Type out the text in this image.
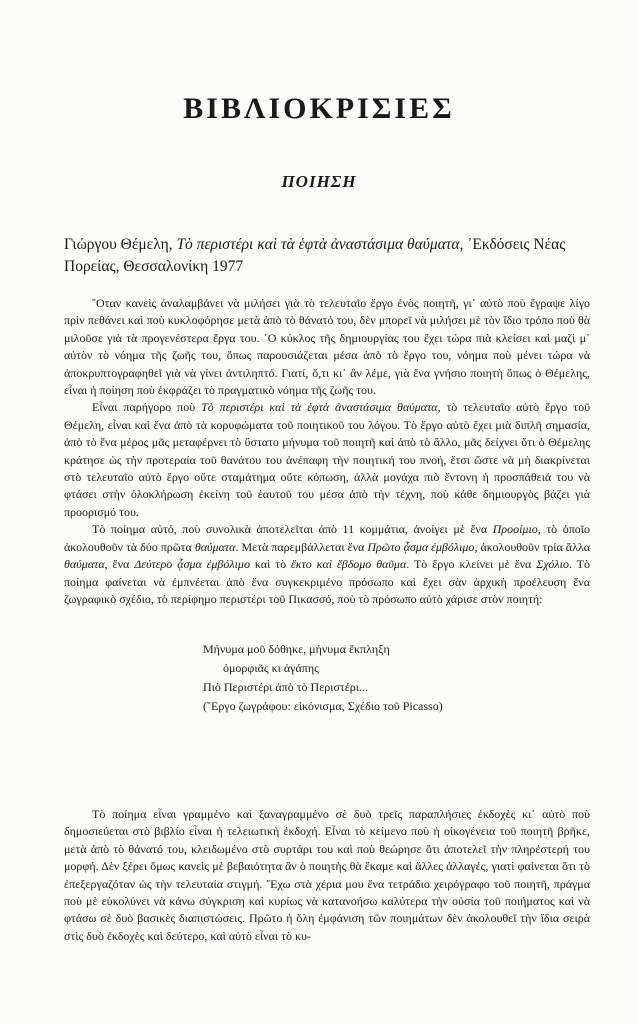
ΒΙΒΛΙΟΚΡΙΣΙΕΣ
ΠΟΙΗΣΗ

Γιώργου Θέμελη, Τὸ περιστέρι καὶ τὰ ἑφτὰ ἀναστάσιμα θαύματα, ᾿Εκδόσεις Νέας Πορείας, Θεσσαλονίκη 1977

῞Οταν κανεὶς ἀναλαμβάνει νὰ μιλήσει γιὰ τὸ τελευταῖο ἔργο ἑνὸς ποιητῆ, γι᾿ αὐτὸ ποὺ ἔγραψε λίγο πρὶν πεθάνει καὶ ποὺ κυκλοφόρησε μετὰ ἀπὸ τὸ θάνατό του, δὲν μπορεῖ νὰ μιλήσει μὲ τὸν ἴδιο τρόπο ποὺ θὰ μιλοῦσε γιὰ τὰ προγενέστερα ἔργα του. ῾Ο κύκλος τῆς δημιουργίας του ἔχει τώρα πιὰ κλείσει καὶ μαζὶ μ᾿ αὐτὸν τὸ νόημα τῆς ζωῆς του, ὅπως παρουσιάζεται μέσα ἀπὸ τὸ ἔργο του, νόημα ποὺ μένει τώρα νὰ ἀποκρυπτογραφηθεῖ γιὰ νὰ γίνει ἀντιληπτό. Γιατί, ὅ,τι κι᾿ ἂν λέμε, γιὰ ἕνα γνήσιο ποιητὴ ὅπως ὁ Θέμελης, εἶναι ἡ ποίηση ποὺ ἐκφράζει τὸ πραγματικὸ νόημα τῆς ζωῆς του.

Εἶναι παρήγορο ποὺ Τὸ περιστέρι καὶ τὰ ἑφτὰ ἀναστάσιμα θαύματα, τὸ τελευταῖο αὐτὸ ἔργο τοῦ Θέμελη, εἶναι καὶ ἕνα ἀπὸ τὰ κορυφώματα τοῦ ποιητικοῦ του λόγου. Τὸ ἔργο αὐτὸ ἔχει μιὰ διπλῆ σημασία, ἀπὸ τὸ ἕνα μέρος μᾶς μεταφέρνει τὸ ὕστατο μήνυμα τοῦ ποιητῆ καὶ ἀπὸ τὸ ἄλλο, μᾶς δείχνει ὅτι ὁ Θέμελης κράτησε ὡς τὴν προτεραία τοῦ θανάτου του ἀνέπαφη τὴν ποιητική του πνοή, ἔτσι ὥστε νὰ μὴ διακρίνεται στὸ τελευταῖο αὐτὸ ἔργο οὔτε σταμάτημα οὔτε κόπωση, ἀλλὰ μονάχα πιὸ ἔντονη ἡ προσπάθειά του νὰ φτάσει στὴν ὁλοκλήρωση ἐκείνη τοῦ ἑαυτοῦ του μέσα ἀπὸ τὴν τέχνη, ποὺ κάθε δημιουργὸς βάζει γιὰ προορισμό του.

Τὸ ποίημα αὐτό, ποὺ συνολικὰ ἀποτελεῖται ἀπὸ 11 κομμάτια, ἀνοίγει μὲ ἕνα Προοίμιο, τὸ ὁποῖο ἀκολουθοῦν τὰ δύο πρῶτα θαύματα. Μετὰ παρεμβάλλεται ἕνα Πρῶτο ᾆσμα ἐμβόλιμο, ἀκολουθοῦν τρία ἄλλα θαύματα, ἕνα Δεύτερο ᾆσμα ἐμβόλιμο καὶ τὸ ἕκτο καὶ ἕβδομο θαῦμα. Τὸ ἔργο κλείνει μὲ ἕνα Σχόλιο. Τὸ ποίημα φαίνεται νὰ ἐμπνέεται ἀπὸ ἕνα συγκεκριμένο πρόσωπο καὶ ἔχει σὰν ἀρχικὴ προέλευση ἕνα ζωγραφικὸ σχέδιο, τὸ περίφημο περιστέρι τοῦ Πικασσό, ποὺ τὸ πρόσωπο αὐτὸ χάρισε στὸν ποιητή:

Μήνυμα μοῦ δόθηκε, μήνυμα ἔκπληξη
ὀμορφιᾶς κι ἀγάπης
Πιὸ Περιστέρι ἀπὸ τὸ Περιστέρι...
(῎Εργο ζωγράφου: εἰκόνισμα, Σχέδιο τοῦ Picasso)

Τὸ ποίημα εἶναι γραμμένο καὶ ξαναγραμμένο σὲ δυὸ τρεῖς παραπλήσιες ἐκδοχὲς κι᾿ αὐτὸ ποὺ δημοσιεύεται στὸ βιβλίο εἶναι ἡ τελειωτικὴ ἐκδοχή. Εἶναι τὸ κείμενο ποὺ ἡ οἰκογένεια τοῦ ποιητῆ βρῆκε, μετὰ ἀπὸ τὸ θάνατό του, κλειδωμένο στὸ συρτάρι του καὶ ποὺ θεώρησε ὅτι ἀποτελεῖ τὴν πληρέστερή του μορφή. Δὲν ξέρει ὅμως κανεὶς μὲ βεβαιότητα ἂν ὁ ποιητὴς θὰ ἔκαμε καὶ ἄλλες ἀλλαγές, γιατὶ φαίνεται ὅτι τὸ ἐπεξεργαζόταν ὡς τὴν τελευταία στιγμή. ῎Εχω στὰ χέρια μου ἕνα τετράδιο χειρόγραφο τοῦ ποιητῆ, πράγμα ποὺ μὲ εὐκολύνει νὰ κάνω σύγκριση καὶ κυρίως νὰ κατανοήσω καλύτερα τὴν οὐσία τοῦ ποιήματος καὶ νὰ φτάσω σὲ δυὸ βασικὲς διαπιστώσεις. Πρῶτο ἡ ὅλη ἐμφάνιση τῶν ποιημάτων δὲν ἀκολουθεῖ τὴν ἴδια σειρὰ στὶς δυὸ ἐκδοχὲς καὶ δεύτερο, καὶ αὐτὸ εἶναι τὸ κυ-
